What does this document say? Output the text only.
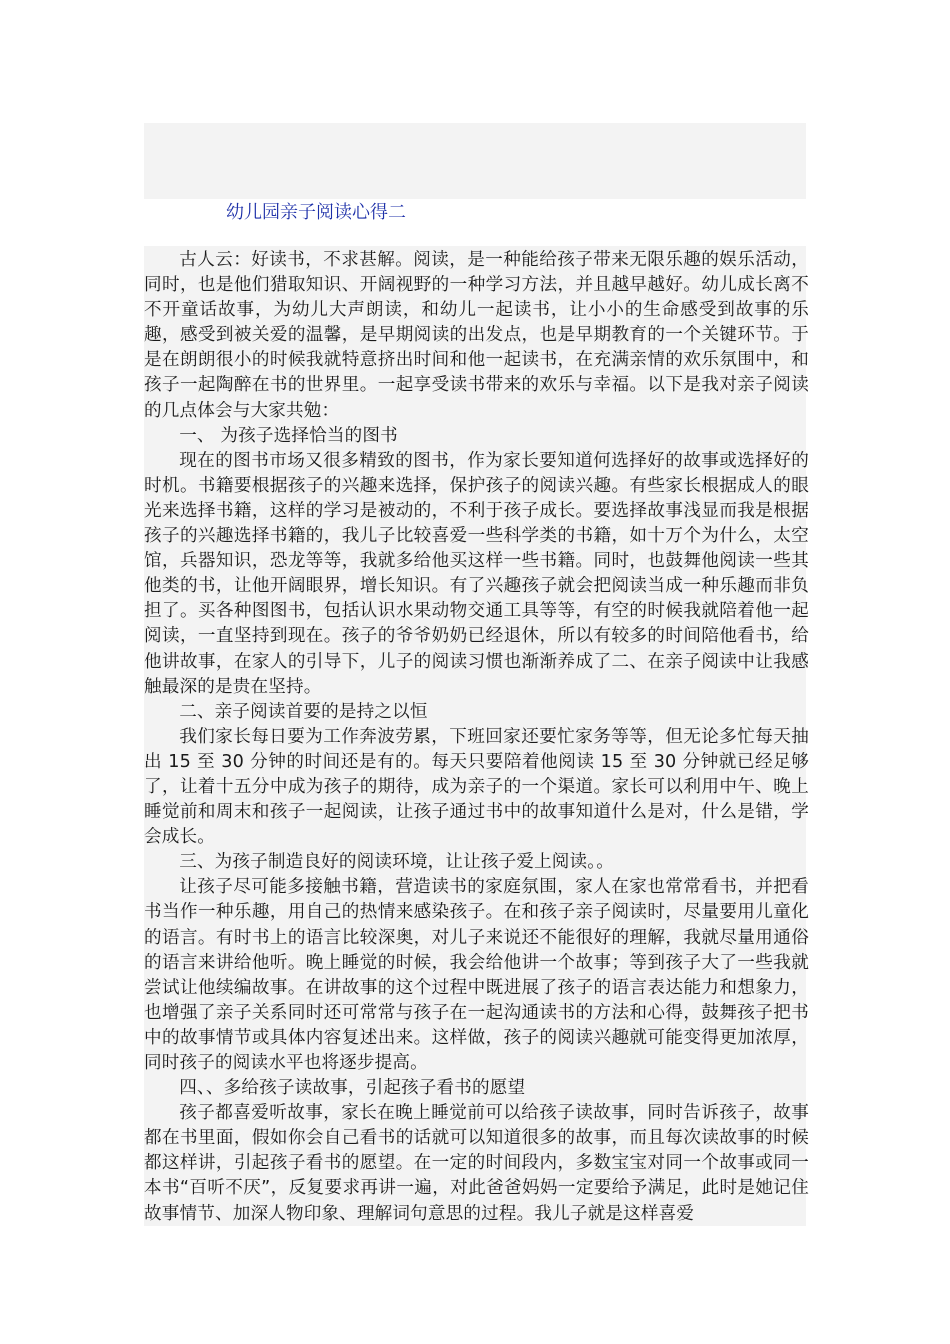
幼儿园亲子阅读心得二

古人云：好读书，不求甚解。阅读，是一种能给孩子带来无限乐趣的娱乐活动，同时，也是他们猎取知识、开阔视野的一种学习方法，并且越早越好。幼儿成长离不不开童话故事，为幼儿大声朗读，和幼儿一起读书，让小小的生命感受到故事的乐趣，感受到被关爱的温馨，是早期阅读的出发点，也是早期教育的一个关键环节。于是在朗朗很小的时候我就特意挤出时间和他一起读书，在充满亲情的欢乐氛围中，和孩子一起陶醉在书的世界里。一起享受读书带来的欢乐与幸福。以下是我对亲子阅读的几点体会与大家共勉：

一、 为孩子选择恰当的图书

现在的图书市场又很多精致的图书，作为家长要知道何选择好的故事或选择好的时机。书籍要根据孩子的兴趣来选择，保护孩子的阅读兴趣。有些家长根据成人的眼光来选择书籍，这样的学习是被动的，不利于孩子成长。要选择故事浅显而我是根据孩子的兴趣选择书籍的，我儿子比较喜爱一些科学类的书籍，如十万个为什么，太空馆，兵器知识，恐龙等等，我就多给他买这样一些书籍。同时，也鼓舞他阅读一些其他类的书，让他开阔眼界，增长知识。有了兴趣孩子就会把阅读当成一种乐趣而非负担了。买各种图图书，包括认识水果动物交通工具等等，有空的时候我就陪着他一起阅读，一直坚持到现在。孩子的爷爷奶奶已经退休，所以有较多的时间陪他看书，给他讲故事，在家人的引导下，儿子的阅读习惯也渐渐养成了二、在亲子阅读中让我感触最深的是贵在坚持。

二、亲子阅读首要的是持之以恒

我们家长每日要为工作奔波劳累，下班回家还要忙家务等等，但无论多忙每天抽出 15 至 30 分钟的时间还是有的。每天只要陪着他阅读 15 至 30 分钟就已经足够了，让着十五分中成为孩子的期待，成为亲子的一个渠道。家长可以利用中午、晚上睡觉前和周末和孩子一起阅读，让孩子通过书中的故事知道什么是对，什么是错，学会成长。

三、为孩子制造良好的阅读环境，让让孩子爱上阅读。。

让孩子尽可能多接触书籍，营造读书的家庭氛围，家人在家也常常看书，并把看书当作一种乐趣，用自己的热情来感染孩子。在和孩子亲子阅读时，尽量要用儿童化的语言。有时书上的语言比较深奥，对儿子来说还不能很好的理解，我就尽量用通俗的语言来讲给他听。晚上睡觉的时候，我会给他讲一个故事；等到孩子大了一些我就尝试让他续编故事。在讲故事的这个过程中既进展了孩子的语言表达能力和想象力，也增强了亲子关系同时还可常常与孩子在一起沟通读书的方法和心得，鼓舞孩子把书中的故事情节或具体内容复述出来。这样做，孩子的阅读兴趣就可能变得更加浓厚，同时孩子的阅读水平也将逐步提高。

四、、多给孩子读故事，引起孩子看书的愿望

孩子都喜爱听故事，家长在晚上睡觉前可以给孩子读故事，同时告诉孩子，故事都在书里面，假如你会自己看书的话就可以知道很多的故事，而且每次读故事的时候都这样讲，引起孩子看书的愿望。在一定的时间段内，多数宝宝对同一个故事或同一本书“百听不厌”，反复要求再讲一遍，对此爸爸妈妈一定要给予满足，此时是她记住故事情节、加深人物印象、理解词句意思的过程。我儿子就是这样喜爱
